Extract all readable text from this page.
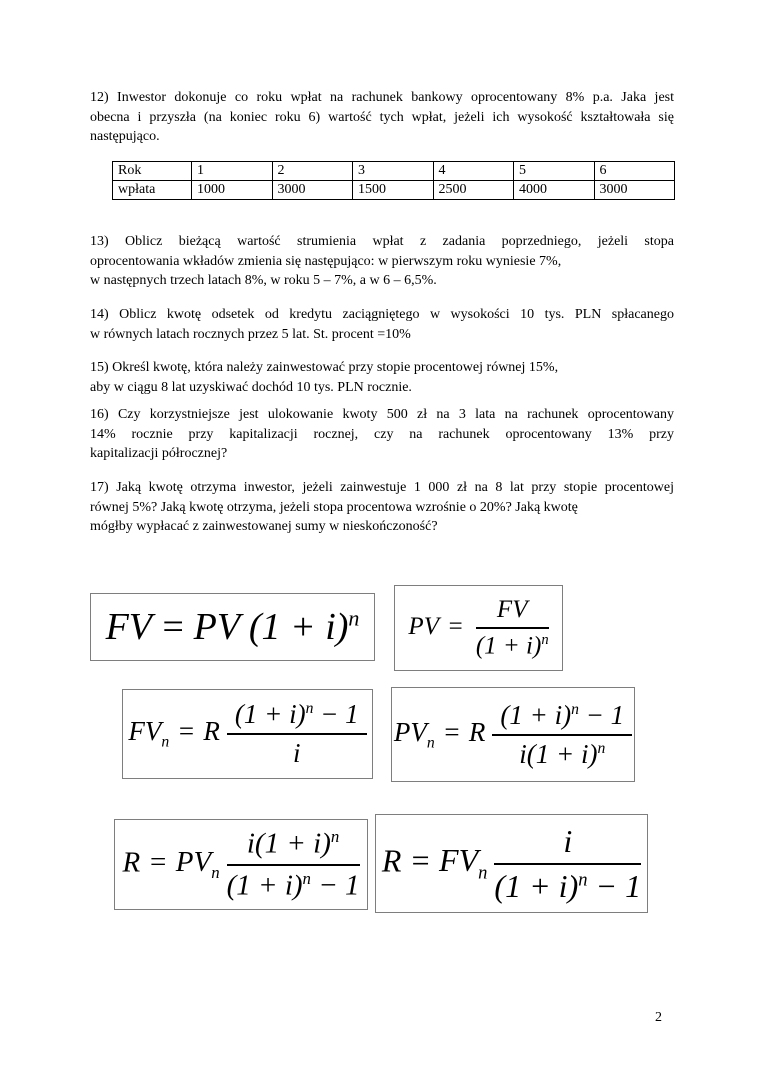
12) Inwestor dokonuje co roku wpłat na rachunek bankowy oprocentowany 8% p.a. Jaka jest
obecna i przyszła (na koniec roku 6) wartość tych wpłat, jeżeli ich wysokość kształtowała się
następująco.
Rok	1	2	3	4	5	6
wpłata	1000	3000	1500	2500	4000	3000
13) Oblicz bieżącą wartość strumienia wpłat z zadania poprzedniego, jeżeli stopa
oprocentowania wkładów zmienia się następująco: w pierwszym roku wyniesie 7%,
w następnych trzech latach 8%, w roku 5 – 7%, a w 6 – 6,5%.
14) Oblicz kwotę odsetek od kredytu zaciągniętego w wysokości 10 tys. PLN spłacanego
w równych latach rocznych przez 5 lat. St. procent =10%
15) Określ kwotę, która należy zainwestować przy stopie procentowej równej 15%,
aby w ciągu 8 lat uzyskiwać dochód 10 tys. PLN rocznie.
16) Czy korzystniejsze jest ulokowanie kwoty 500 zł na 3 lata na rachunek oprocentowany
14% rocznie przy kapitalizacji rocznej, czy na rachunek oprocentowany 13% przy
kapitalizacji półrocznej?
17) Jaką kwotę otrzyma inwestor, jeżeli zainwestuje 1 000 zł na 8 lat przy stopie procentowej
równej 5%? Jaką kwotę otrzyma, jeżeli stopa procentowa wzrośnie o 20%? Jaką kwotę
mógłby wypłacać z zainwestowanej sumy w nieskończoność?
FV = PV $(1 + i)^n$ PV = $\frac{FV}{(1 + i)^n}$
$FV_n = R \frac{(1 + i)^n - 1}{i} PV_n = R \frac{(1 + i)^n - 1}{i(1 + i)^n}$
$R = PV_n \frac{i(1 + i)^n}{(1 + i)^n - 1}$ $R = FV_n \frac{i}{(1 + i)^n - 1}$
2
